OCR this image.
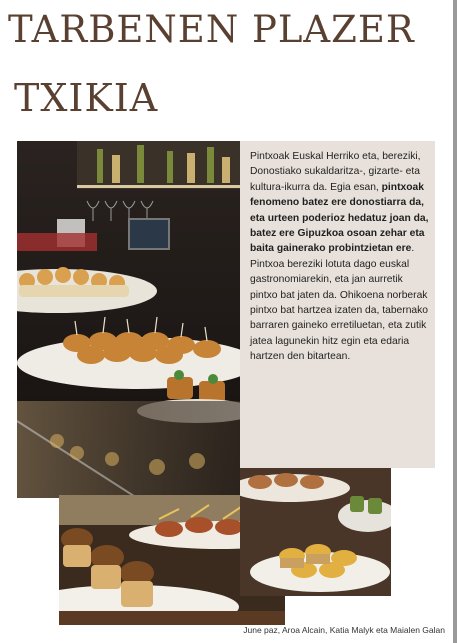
TARBENEN PLAZER
TXIKIA
Pintxoak Euskal Herriko eta, bereziki, Donostiako sukaldaritza-, gizarte- eta kultura-ikurra da. Egia esan, pintxoak fenomeno batez ere donostiarra da, eta urteen poderioz hedatuz joan da, batez ere Gipuzkoa osoan zehar eta baita gainerako probintzietan ere. Pintxoa bereziki lotuta dago euskal gastronomiarekin, eta jan aurretik pintxo bat jaten da. Ohikoena norberak pintxo bat hartzea izaten da, tabernako barraren gaineko erretiluetan, eta zutik jatea lagunekin hitz egin eta edaria hartzen den bitartean.
June paz, Aroa Alcain, Katia Malyk eta Maialen Galan
